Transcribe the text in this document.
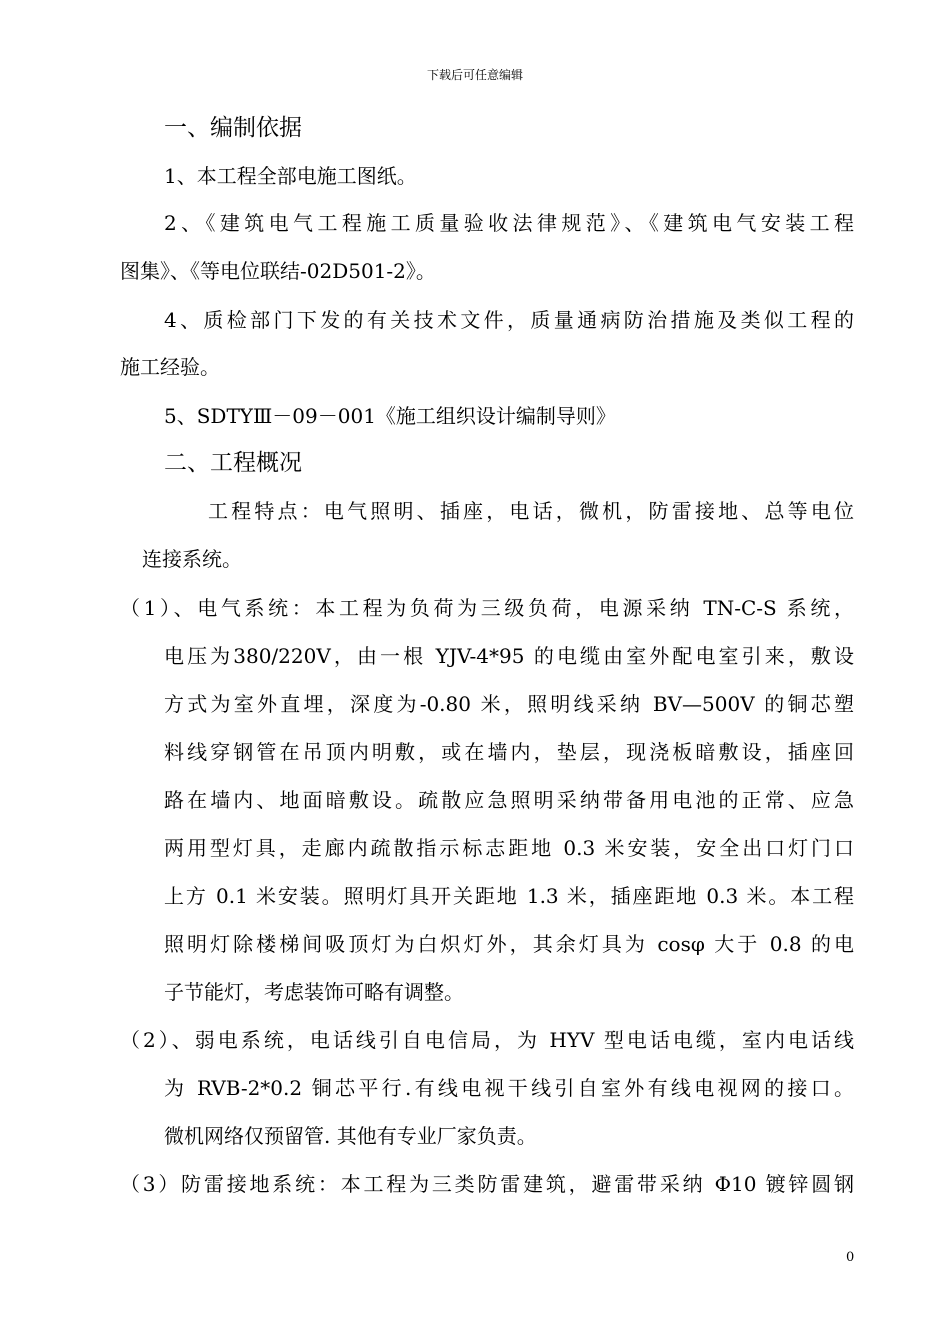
下载后可任意编辑
一、编制依据
1、本工程全部电施工图纸。
2、《建筑电气工程施工质量验收法律规范》、《建筑电气安装工程
图集》、《等电位联结-02D501-2》。
4、质检部门下发的有关技术文件，质量通病防治措施及类似工程的
施工经验。
5、SDTYⅢ－09－001《施工组织设计编制导则》
二、工程概况
工程特点：电气照明、插座，电话，微机，防雷接地、总等电位
连接系统。
（1）、电气系统：本工程为负荷为三级负荷，电源采纳 TN-C-S 系统，
电压为380/220V，由一根 YJV-4*95 的电缆由室外配电室引来，敷设
方式为室外直埋，深度为-0.80 米，照明线采纳 BV—500V 的铜芯塑
料线穿钢管在吊顶内明敷，或在墙内，垫层，现浇板暗敷设，插座回
路在墙内、地面暗敷设。疏散应急照明采纳带备用电池的正常、应急
两用型灯具，走廊内疏散指示标志距地 0.3 米安装，安全出口灯门口
上方 0.1 米安装。照明灯具开关距地 1.3 米，插座距地 0.3 米。本工程
照明灯除楼梯间吸顶灯为白炽灯外，其余灯具为 cosφ 大于 0.8 的电
子节能灯，考虑装饰可略有调整。
（2）、弱电系统，电话线引自电信局，为 HYV 型电话电缆，室内电话线
为 RVB-2*0.2 铜芯平行.有线电视干线引自室外有线电视网的接口。
微机网络仅预留管. 其他有专业厂家负责。
（3）防雷接地系统：本工程为三类防雷建筑，避雷带采纳 Φ10 镀锌圆钢
0
